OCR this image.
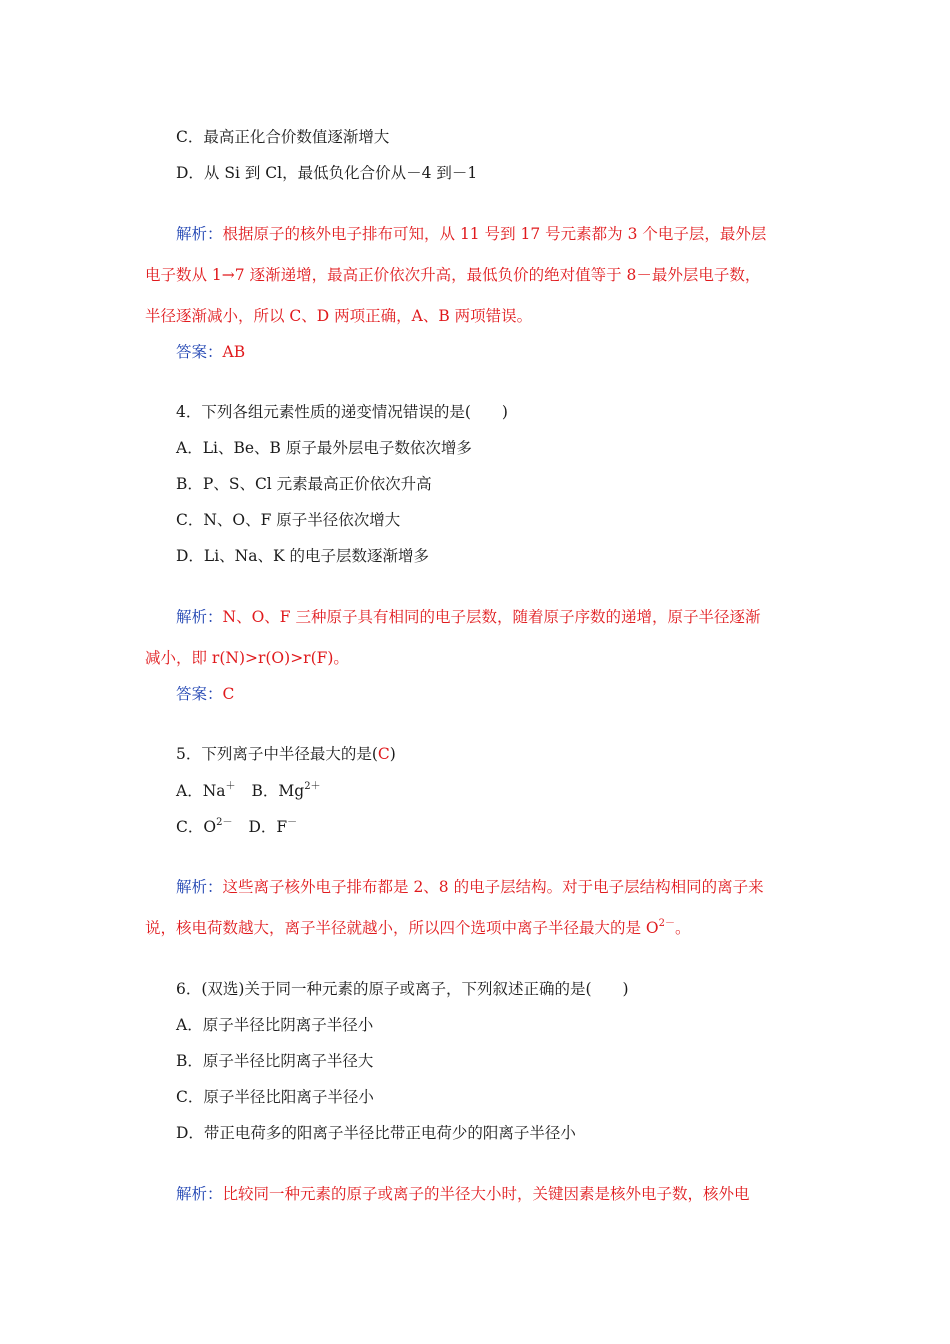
C．最高正化合价数值逐渐增大
D．从 Si 到 Cl，最低负化合价从－4 到－1
解析：根据原子的核外电子排布可知，从 11 号到 17 号元素都为 3 个电子层，最外层
电子数从 1→7 逐渐递增，最高正价依次升高，最低负价的绝对值等于 8－最外层电子数，
半径逐渐减小，所以 C、D 两项正确，A、B 两项错误。
答案：AB
4．下列各组元素性质的递变情况错误的是(　　)
A．Li、Be、B 原子最外层电子数依次增多
B．P、S、Cl 元素最高正价依次升高
C．N、O、F 原子半径依次增大
D．Li、Na、K 的电子层数逐渐增多
解析：N、O、F 三种原子具有相同的电子层数，随着原子序数的递增，原子半径逐渐
减小，即 r(N)>r(O)>r(F)。
答案：C
5．下列离子中半径最大的是(C)
A．Na＋ B．$Mg^{2+}$
C．$O^{2-}$ D．F－
解析：这些离子核外电子排布都是 2、8 的电子层结构。对于电子层结构相同的离子来
说，核电荷数越大，离子半径就越小，所以四个选项中离子半径最大的是 $O^{2-}$。
6．(双选)关于同一种元素的原子或离子，下列叙述正确的是(　　)
A．原子半径比阴离子半径小
B．原子半径比阴离子半径大
C．原子半径比阳离子半径小
D．带正电荷多的阳离子半径比带正电荷少的阳离子半径小
解析：比较同一种元素的原子或离子的半径大小时，关键因素是核外电子数，核外电
